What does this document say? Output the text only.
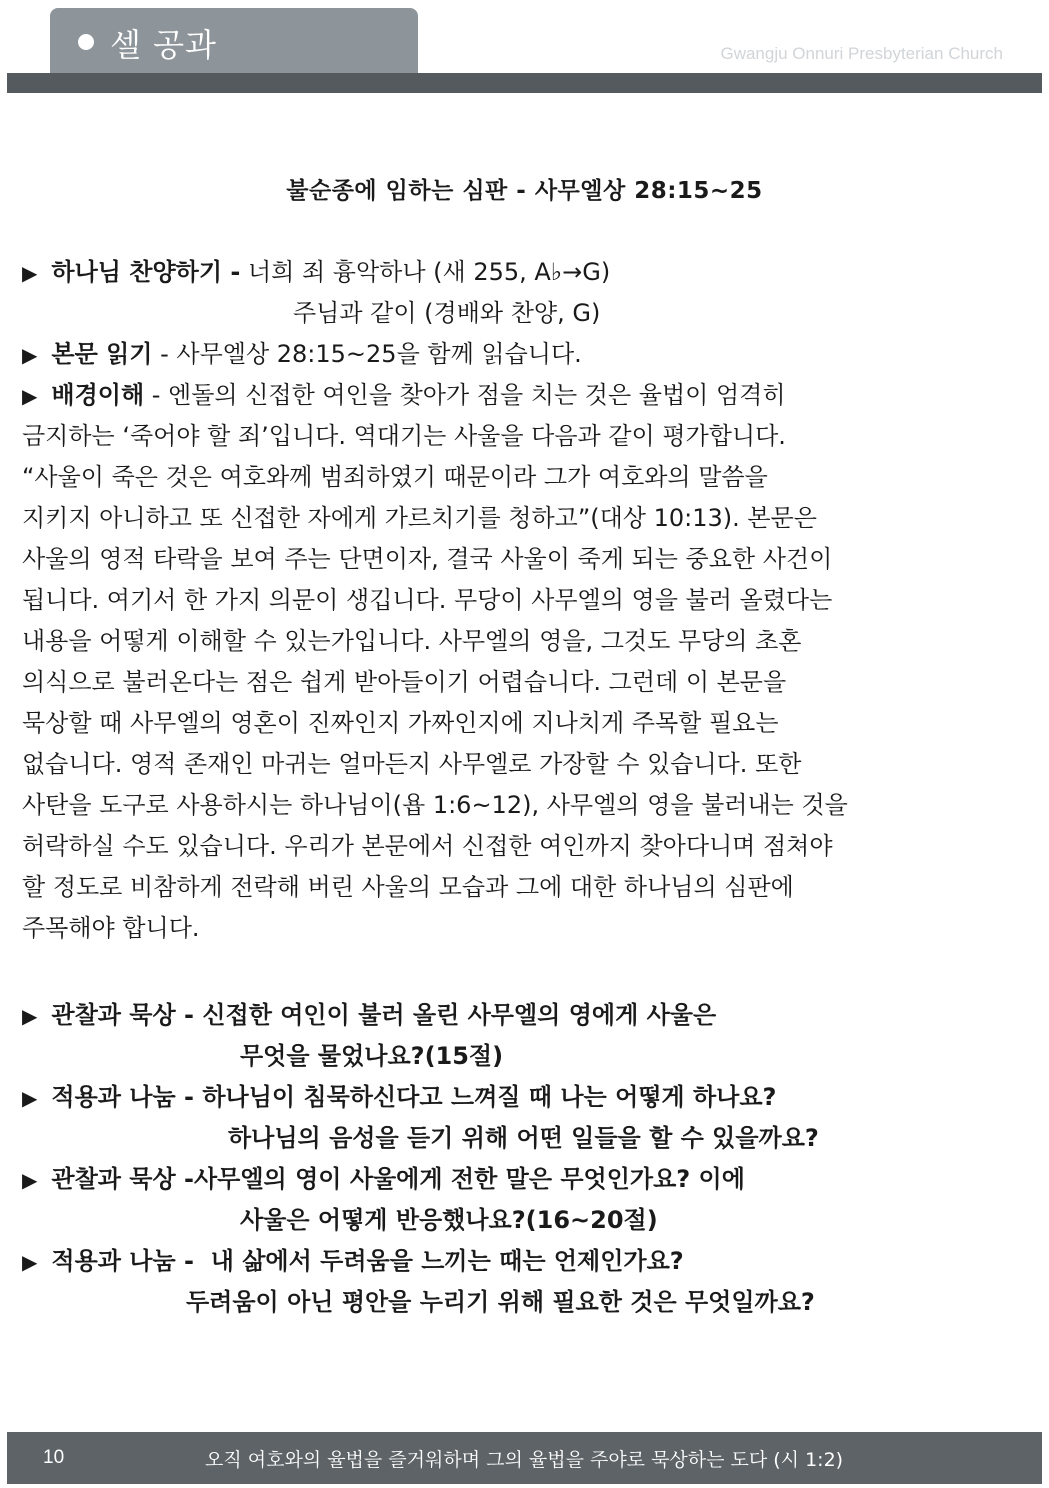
셀 공과	Gwangju Onnuri Presbyterian Church
불순종에 임하는 심판 - 사무엘상 28:15~25
▶ 하나님 찬양하기 - 너희 죄 흉악하나 (새 255, A♭→G)
주님과 같이 (경배와 찬양, G)
▶ 본문 읽기 - 사무엘상 28:15~25을 함께 읽습니다.
▶ 배경이해 - 엔돌의 신접한 여인을 찾아가 점을 치는 것은 율법이 엄격히
금지하는 ‘죽어야 할 죄’입니다. 역대기는 사울을 다음과 같이 평가합니다.
“사울이 죽은 것은 여호와께 범죄하였기 때문이라 그가 여호와의 말씀을
지키지 아니하고 또 신접한 자에게 가르치기를 청하고”(대상 10:13). 본문은
사울의 영적 타락을 보여 주는 단면이자, 결국 사울이 죽게 되는 중요한 사건이
됩니다. 여기서 한 가지 의문이 생깁니다. 무당이 사무엘의 영을 불러 올렸다는
내용을 어떻게 이해할 수 있는가입니다. 사무엘의 영을, 그것도 무당의 초혼
의식으로 불러온다는 점은 쉽게 받아들이기 어렵습니다. 그런데 이 본문을
묵상할 때 사무엘의 영혼이 진짜인지 가짜인지에 지나치게 주목할 필요는
없습니다. 영적 존재인 마귀는 얼마든지 사무엘로 가장할 수 있습니다. 또한
사탄을 도구로 사용하시는 하나님이(욥 1:6~12), 사무엘의 영을 불러내는 것을
허락하실 수도 있습니다. 우리가 본문에서 신접한 여인까지 찾아다니며 점쳐야
할 정도로 비참하게 전락해 버린 사울의 모습과 그에 대한 하나님의 심판에
주목해야 합니다.
▶ 관찰과 묵상 - 신접한 여인이 불러 올린 사무엘의 영에게 사울은
무엇을 물었나요?(15절)
▶ 적용과 나눔 - 하나님이 침묵하신다고 느껴질 때 나는 어떻게 하나요?
하나님의 음성을 듣기 위해 어떤 일들을 할 수 있을까요?
▶ 관찰과 묵상 -사무엘의 영이 사울에게 전한 말은 무엇인가요? 이에
사울은 어떻게 반응했나요?(16~20절)
▶ 적용과 나눔 -  내 삶에서 두려움을 느끼는 때는 언제인가요?
두려움이 아닌 평안을 누리기 위해 필요한 것은 무엇일까요?
10	오직 여호와의 율법을 즐거워하며 그의 율법을 주야로 묵상하는 도다 (시 1:2)
